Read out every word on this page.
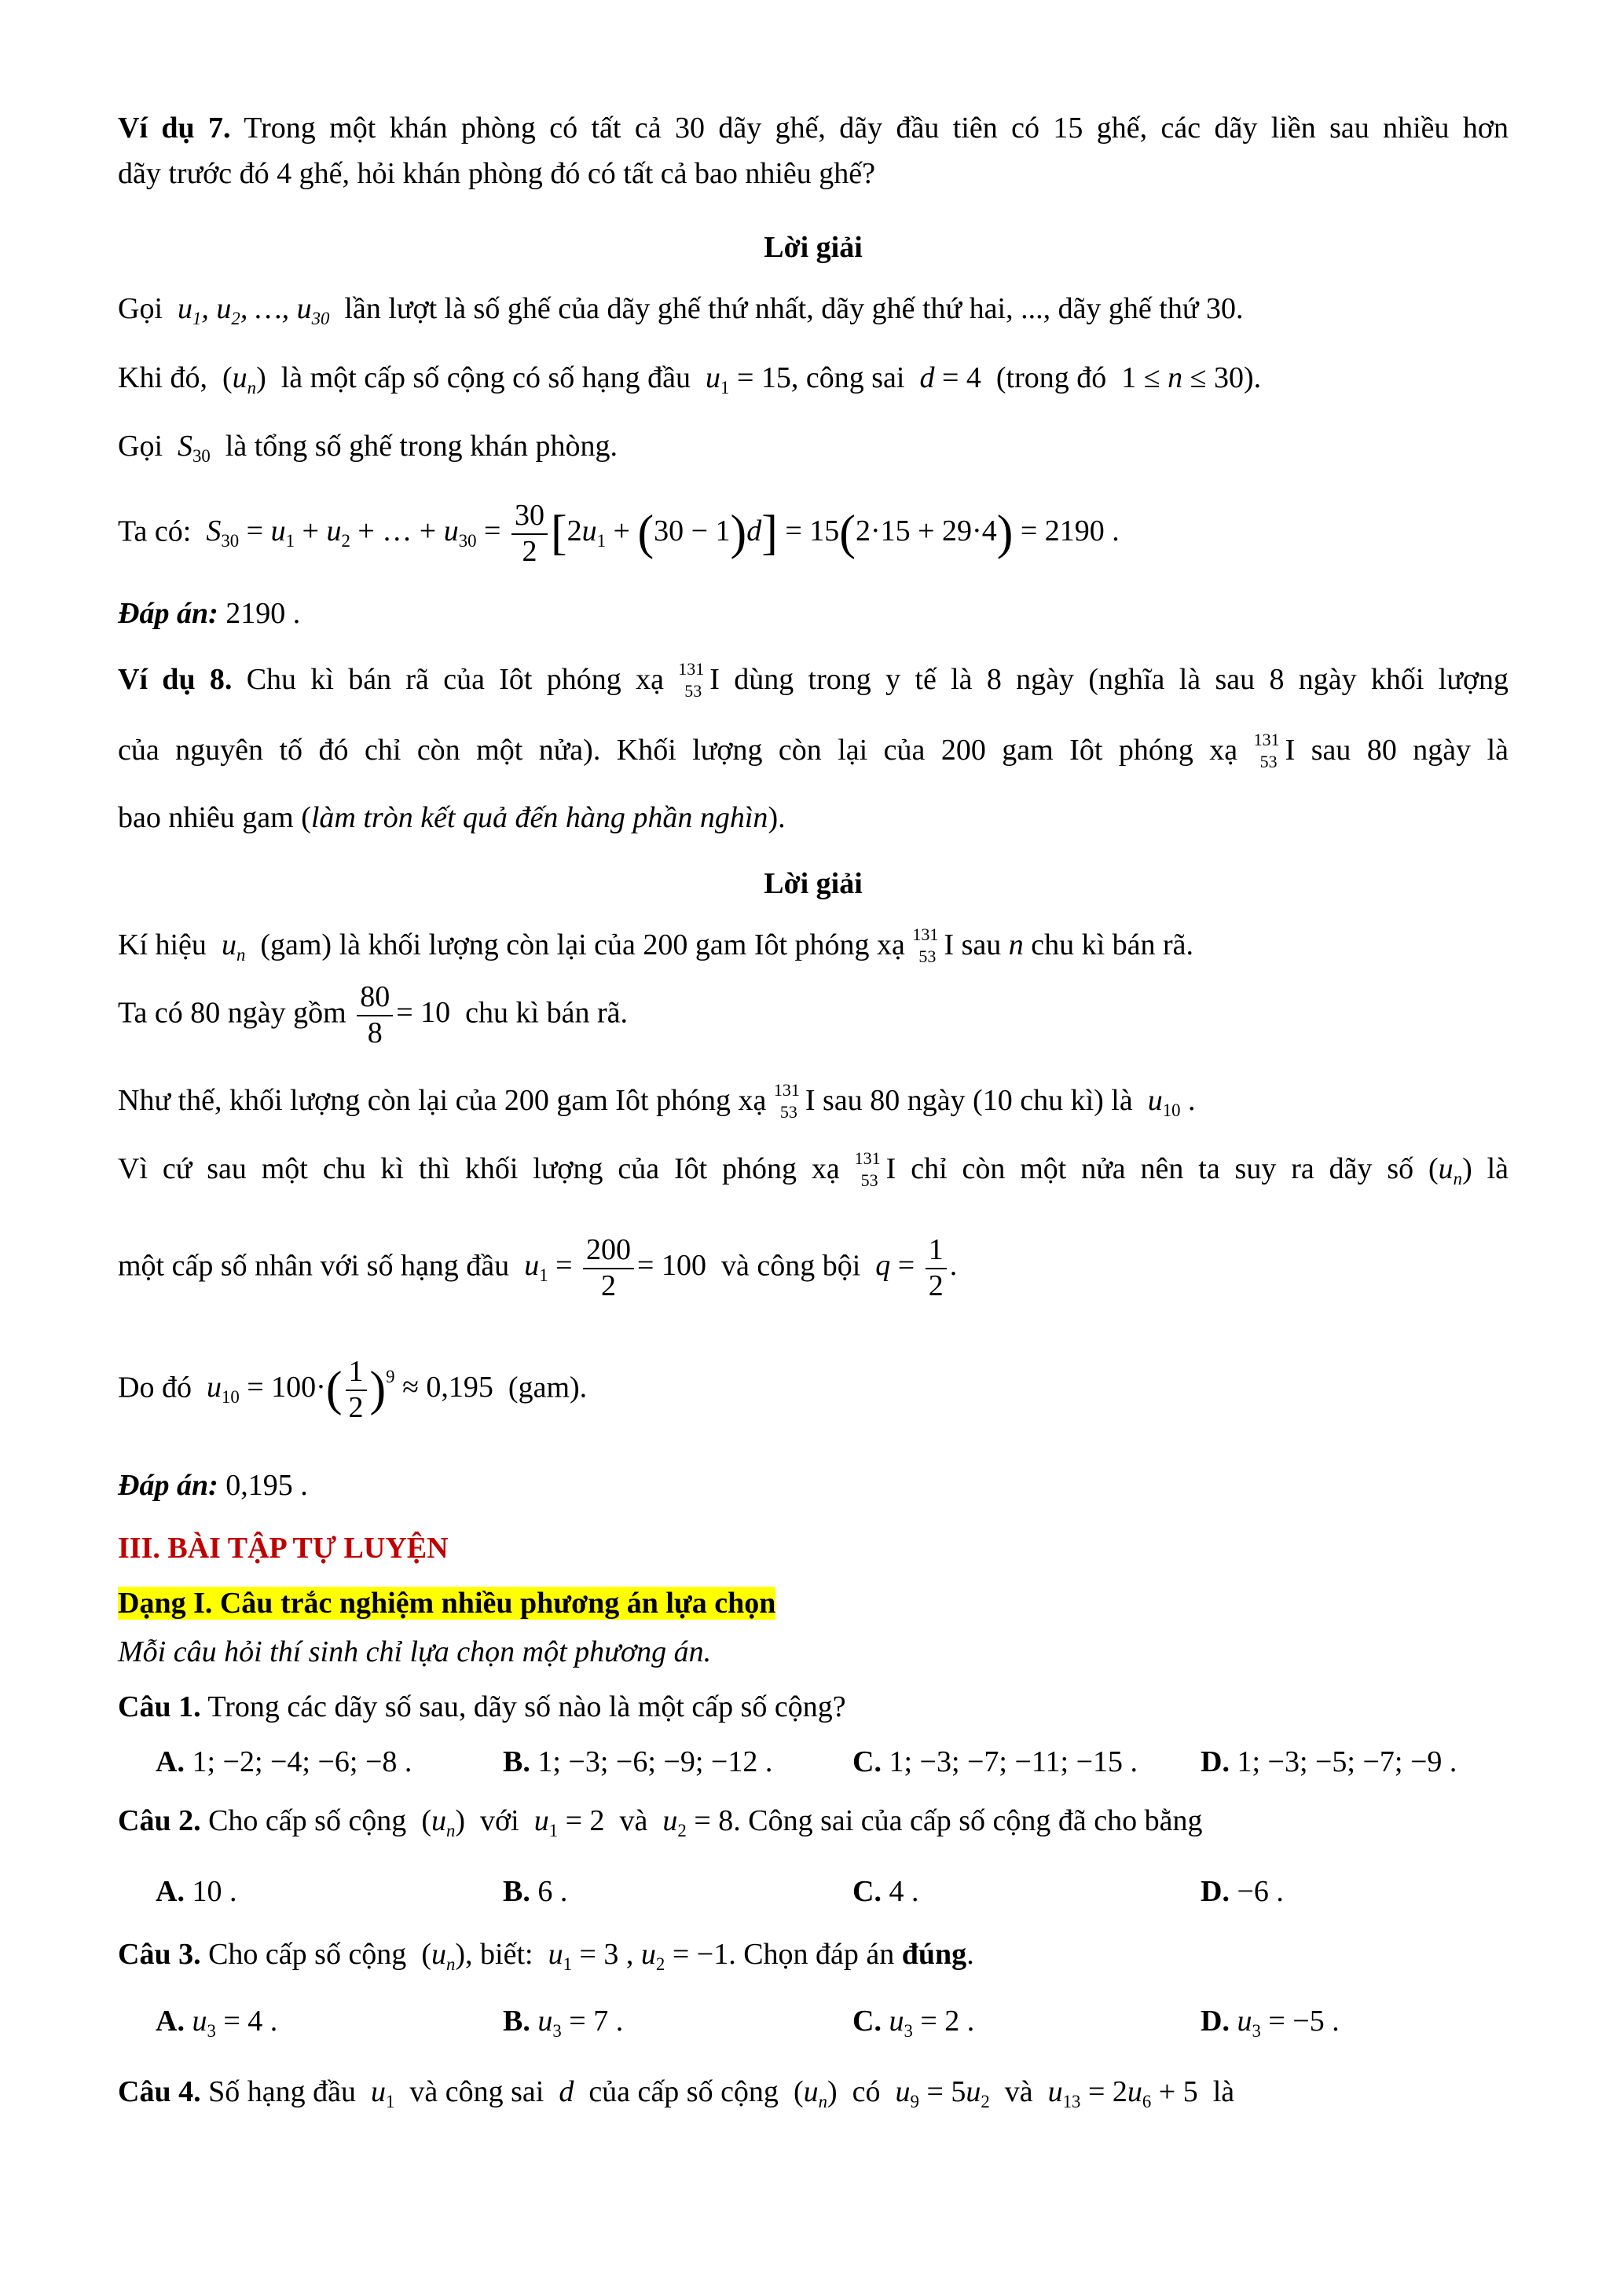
Ví dụ 7. Trong một khán phòng có tất cả 30 dãy ghế, dãy đầu tiên có 15 ghế, các dãy liền sau nhiều hơn
dãy trước đó 4 ghế, hỏi khán phòng đó có tất cả bao nhiêu ghế?
Lời giải
Gọi  $u_1$, $u_2$, …, $u_{30}$ lần lượt là số ghế của dãy ghế thứ nhất, dãy ghế thứ hai, ..., dãy ghế thứ 30.
Khi đó,  $(u_n)$  là một cấp số cộng có số hạng đầu $u_1 = 15$, công sai d = 4  (trong đó  1 ≤ n ≤ 30).
Gọi $S_{30}$ là tổng số ghế trong khán phòng.
Ta có: $S_{30} = u_1 + u_2$ + … + $u_{30} = \frac{30}{2} [2u_1 + (30 - 1)d] = 15(2\cdot 15 + 29\cdot 4) = 2190$ .
Đáp án: 2190 .
Ví dụ 8. Chu kì bán rã của Iôt phóng xạ 131
53 I dùng trong y tế là 8 ngày (nghĩa là sau 8 ngày khối lượng
của nguyên tố đó chỉ còn một nửa). Khối lượng còn lại của 200 gam Iôt phóng xạ 131
53 I sau 80 ngày là
bao nhiêu gam (làm tròn kết quả đến hàng phần nghìn).
Lời giải
Kí hiệu $u_n$ (gam) là khối lượng còn lại của 200 gam Iôt phóng xạ 131
53 I sau n chu kì bán rã.
Ta có 80 ngày gồm $\frac{80}{8} = 10$  chu kì bán rã.
Như thế, khối lượng còn lại của 200 gam Iôt phóng xạ 131
53 I sau 80 ngày (10 chu kì) là $u_{10}$ .
Vì cứ sau một chu kì thì khối lượng của Iôt phóng xạ 131
53 I chỉ còn một nửa nên ta suy ra dãy số $(u_n)$ là
một cấp số nhân với số hạng đầu $u_1 = \frac{200}{2} = 100$  và công bội $q = \frac{1}{2}$ .
Do đó $u_{10} = 100\cdot( \frac{1}{2} )^9 \approx 0,195$  (gam).
Đáp án: 0,195 .
III. BÀI TẬP TỰ LUYỆN
Dạng I. Câu trắc nghiệm nhiều phương án lựa chọn
Mỗi câu hỏi thí sinh chỉ lựa chọn một phương án.
Câu 1. Trong các dãy số sau, dãy số nào là một cấp số cộng?
A. 1; −2; −4; −6; −8 .	B. 1; −3; −6; −9; −12 .	C. 1; −3; −7; −11; −15 . D. 1; −3; −5; −7; −9 .
Câu 2. Cho cấp số cộng  $(u_n)$  với $u_1 = 2$  và $u_2 = 8$. Công sai của cấp số cộng đã cho bằng
A. 10 .	B. 6 .	C. 4 .	D. −6 .
Câu 3. Cho cấp số cộng  $(u_n)$, biết: $u_1 = 3$ , $u_2 = -1$. Chọn đáp án đúng.
A. $u_3 = 4$ .	B. $u_3 = 7$ .	C. $u_3 = 2$ .	D. $u_3 = -5$ .
Câu 4. Số hạng đầu $u_1$ và công sai  d  của cấp số cộng  $(u_n)$  có $u_9 = 5u_2$ và $u_{13} = 2u_6 + 5$  là
